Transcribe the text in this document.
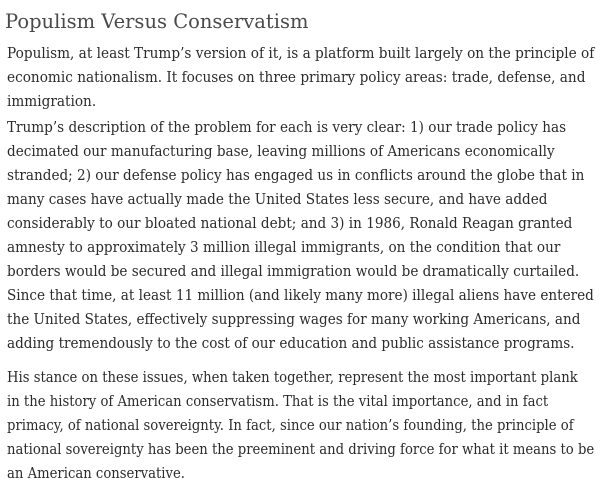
Populism Versus Conservatism

Populism, at least Trump’s version of it, is a platform built largely on the principle of
economic nationalism. It focuses on three primary policy areas: trade, defense, and
immigration.

Trump’s description of the problem for each is very clear: 1) our trade policy has
decimated our manufacturing base, leaving millions of Americans economically
stranded; 2) our defense policy has engaged us in conflicts around the globe that in
many cases have actually made the United States less secure, and have added
considerably to our bloated national debt; and 3) in 1986, Ronald Reagan granted
amnesty to approximately 3 million illegal immigrants, on the condition that our
borders would be secured and illegal immigration would be dramatically curtailed.
Since that time, at least 11 million (and likely many more) illegal aliens have entered
the United States, effectively suppressing wages for many working Americans, and
adding tremendously to the cost of our education and public assistance programs.

His stance on these issues, when taken together, represent the most important plank
in the history of American conservatism. That is the vital importance, and in fact
primacy, of national sovereignty. In fact, since our nation’s founding, the principle of
national sovereignty has been the preeminent and driving force for what it means to be
an American conservative.
